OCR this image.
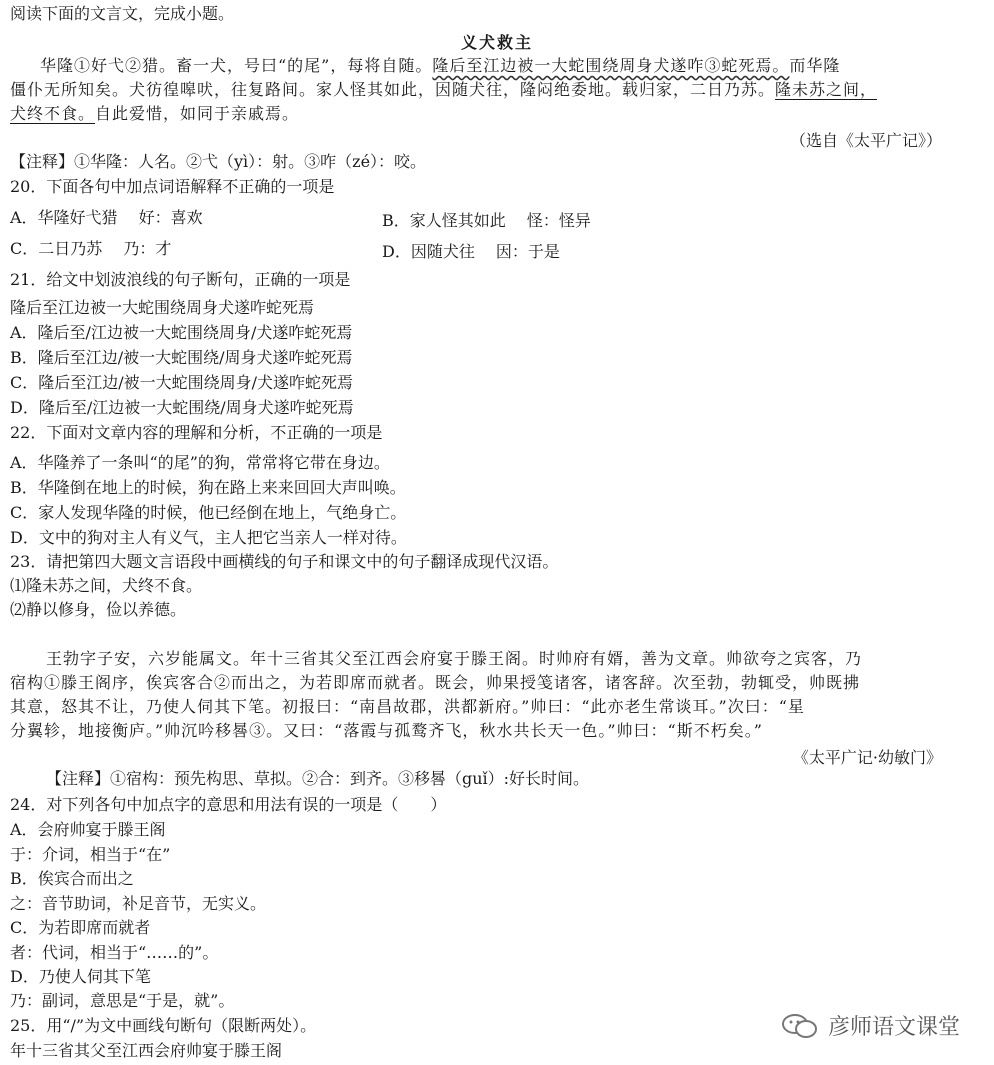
阅读下面的文言文，完成小题。
义犬救主
华隆①好弋②猎。畜一犬，号曰“的尾”，每将自随。隆后至江边被一大蛇围绕周身犬遂咋③蛇死焉。而华隆
僵仆无所知矣。犬彷徨嗥吠，往复路间。家人怪其如此，因随犬往，隆闷绝委地。载归家，二日乃苏。隆未苏之间，
犬终不食。自此爱惜，如同于亲戚焉。
（选自《太平广记》）
【注释】①华隆：人名。②弋（yì）：射。③咋（zé）：咬。
20．下面各句中加点词语解释不正确的一项是
A．华隆好弋猎　 好：喜欢	B．家人怪其如此　 怪：怪异
C．二日乃苏　 乃：才	D．因随犬往　 因：于是
21．给文中划波浪线的句子断句，正确的一项是
隆后至江边被一大蛇围绕周身犬遂咋蛇死焉
A．隆后至/江边被一大蛇围绕周身/犬遂咋蛇死焉
B．隆后至江边/被一大蛇围绕/周身犬遂咋蛇死焉
C．隆后至江边/被一大蛇围绕周身/犬遂咋蛇死焉
D．隆后至/江边被一大蛇围绕/周身犬遂咋蛇死焉
22．下面对文章内容的理解和分析，不正确的一项是
A．华隆养了一条叫“的尾”的狗，常常将它带在身边。
B．华隆倒在地上的时候，狗在路上来来回回大声叫唤。
C．家人发现华隆的时候，他已经倒在地上，气绝身亡。
D．文中的狗对主人有义气，主人把它当亲人一样对待。
23．请把第四大题文言语段中画横线的句子和课文中的句子翻译成现代汉语。
⑴隆未苏之间，犬终不食。
⑵静以修身，俭以养德。
王勃字子安，六岁能属文。年十三省其父至江西会府宴于滕王阁。时帅府有婿，善为文章。帅欲夸之宾客，乃
宿构①滕王阁序，俟宾客合②而出之，为若即席而就者。既会，帅果授笺诸客，诸客辞。次至勃，勃辄受，帅既拂
其意，怒其不让，乃使人伺其下笔。初报曰：“南昌故郡，洪都新府。”帅曰：“此亦老生常谈耳。”次曰：“星
分翼轸，地接衡庐。”帅沉吟移晷③。又曰：“落霞与孤鹜齐飞，秋水共长天一色。”帅曰：“斯不朽矣。”
《太平广记·幼敏门》
【注释】①宿构：预先构思、草拟。②合：到齐。③移晷（guǐ）:好长时间。
24．对下列各句中加点字的意思和用法有误的一项是（　　）
A．会府帅宴于滕王阁
于：介词，相当于“在”
B．俟宾合而出之
之：音节助词，补足音节，无实义。
C．为若即席而就者
者：代词，相当于“……的”。
D．乃使人伺其下笔
乃：副词，意思是“于是，就”。
25．用“/”为文中画线句断句（限断两处）。
年十三省其父至江西会府帅宴于滕王阁
彦师语文课堂
